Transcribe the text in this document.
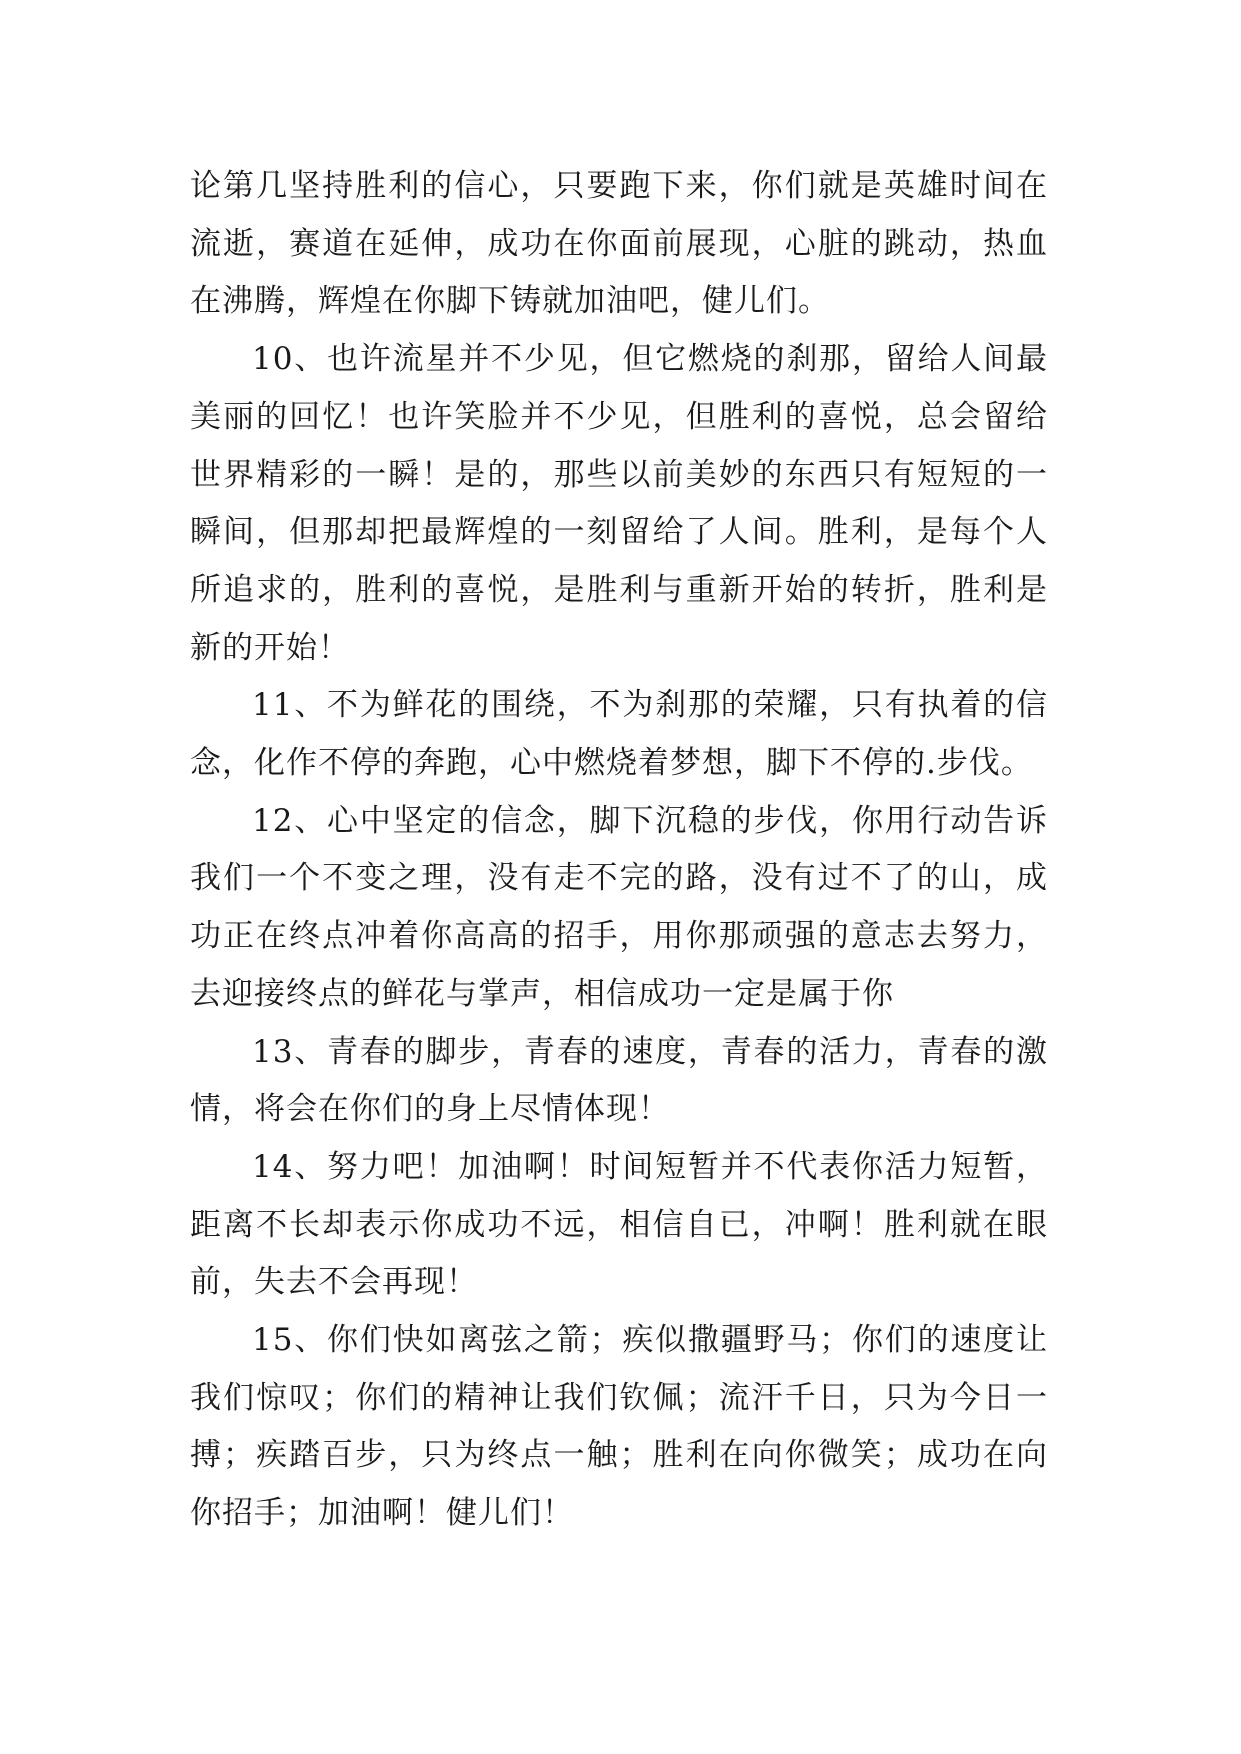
论第几坚持胜利的信心，只要跑下来，你们就是英雄时间在流逝，赛道在延伸，成功在你面前展现，心脏的跳动，热血在沸腾，辉煌在你脚下铸就加油吧，健儿们。

10、也许流星并不少见，但它燃烧的刹那，留给人间最美丽的回忆！也许笑脸并不少见，但胜利的喜悦，总会留给世界精彩的一瞬！是的，那些以前美妙的东西只有短短的一瞬间，但那却把最辉煌的一刻留给了人间。胜利，是每个人所追求的，胜利的喜悦，是胜利与重新开始的转折，胜利是新的开始！

11、不为鲜花的围绕，不为刹那的荣耀，只有执着的信念，化作不停的奔跑，心中燃烧着梦想，脚下不停的.步伐。

12、心中坚定的信念，脚下沉稳的步伐，你用行动告诉我们一个不变之理，没有走不完的路，没有过不了的山，成功正在终点冲着你高高的招手，用你那顽强的意志去努力，去迎接终点的鲜花与掌声，相信成功一定是属于你

13、青春的脚步，青春的速度，青春的活力，青春的激情，将会在你们的身上尽情体现！

14、努力吧！加油啊！时间短暂并不代表你活力短暂，距离不长却表示你成功不远，相信自已，冲啊！胜利就在眼前，失去不会再现！

15、你们快如离弦之箭；疾似撒疆野马；你们的速度让我们惊叹；你们的精神让我们钦佩；流汗千日，只为今日一搏；疾踏百步，只为终点一触；胜利在向你微笑；成功在向你招手；加油啊！健儿们！
